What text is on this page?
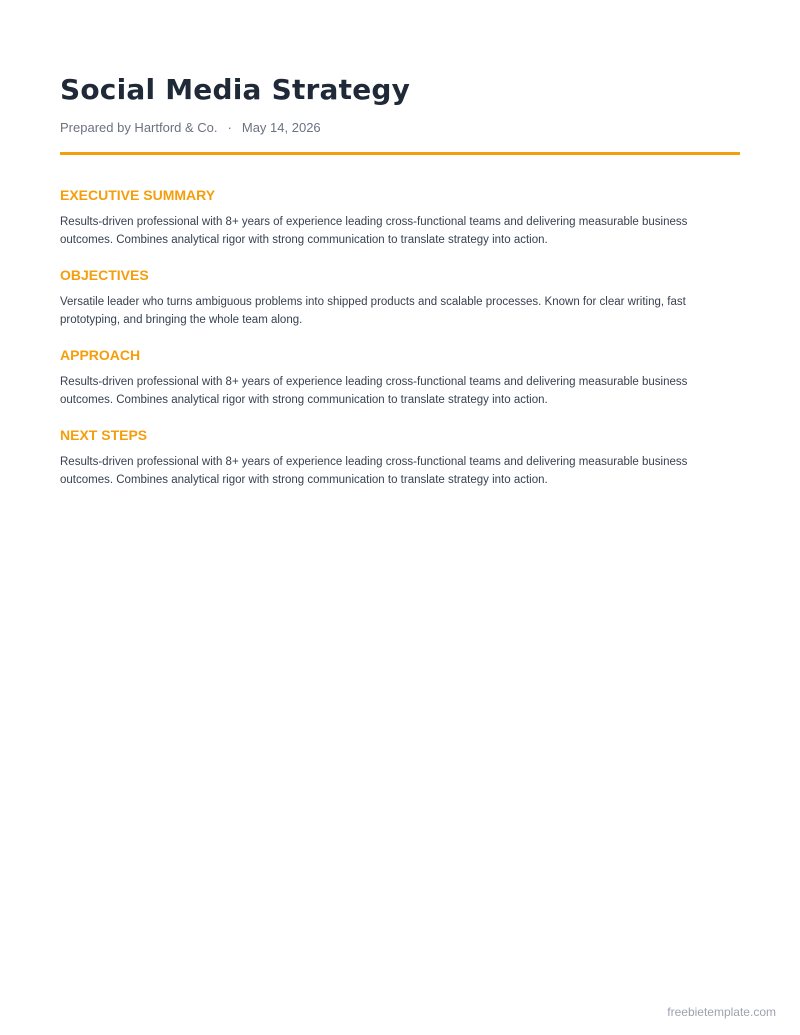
Social Media Strategy
Prepared by Hartford & Co. · May 14, 2026
EXECUTIVE SUMMARY

Results-driven professional with 8+ years of experience leading cross-functional teams and delivering measurable business outcomes. Combines analytical rigor with strong communication to translate strategy into action.

OBJECTIVES

Versatile leader who turns ambiguous problems into shipped products and scalable processes. Known for clear writing, fast prototyping, and bringing the whole team along.

APPROACH

Results-driven professional with 8+ years of experience leading cross-functional teams and delivering measurable business outcomes. Combines analytical rigor with strong communication to translate strategy into action.

NEXT STEPS

Results-driven professional with 8+ years of experience leading cross-functional teams and delivering measurable business outcomes. Combines analytical rigor with strong communication to translate strategy into action.

freebietemplate.com
